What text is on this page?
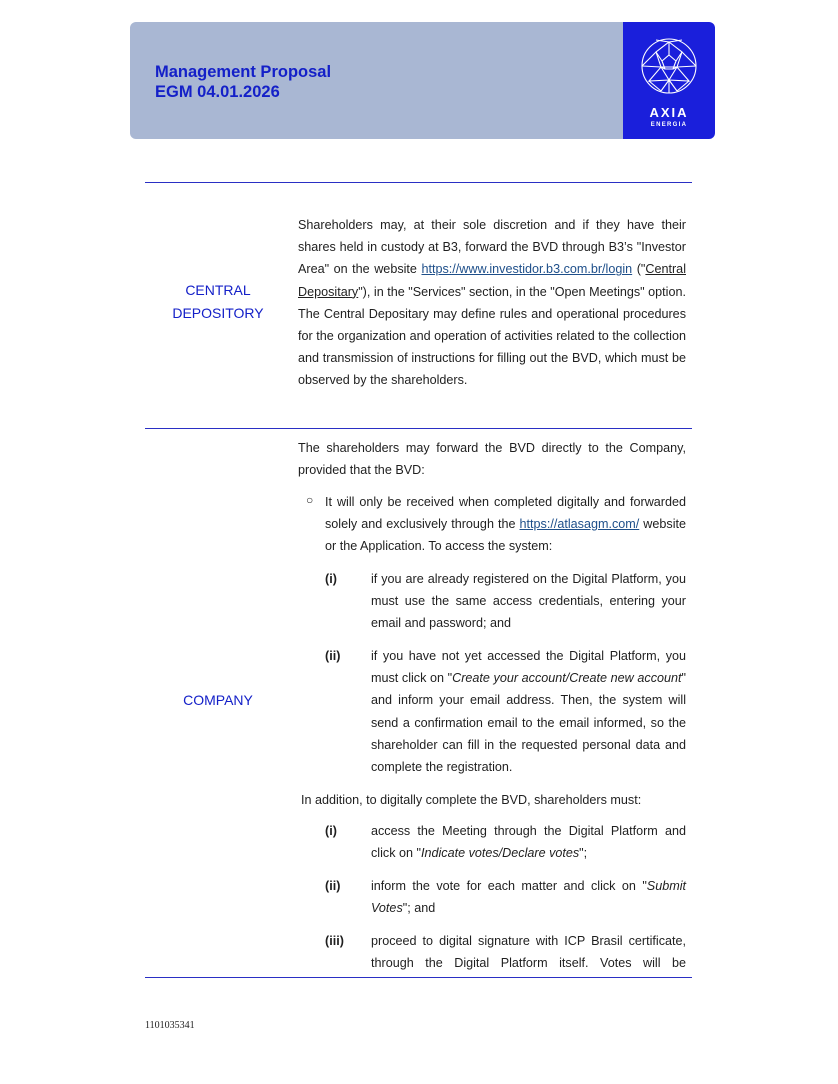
Management Proposal
EGM 04.01.2026
AXIA
ENERGIA
CENTRAL
DEPOSITORY
Shareholders may, at their sole discretion and if they have their shares held in custody at B3, forward the BVD through B3’s "Investor Area" on the website https://www.investidor.b3.com.br/login ("Central Depositary"), in the "Services" section, in the "Open Meetings" option. The Central Depositary may define rules and operational procedures for the organization and operation of activities related to the collection and transmission of instructions for filling out the BVD, which must be observed by the shareholders.
COMPANY
The shareholders may forward the BVD directly to the Company, provided that the BVD:
○ It will only be received when completed digitally and forwarded solely and exclusively through the https://atlasagm.com/ website or the Application. To access the system:
(i)	if you are already registered on the Digital Platform, you must use the same access credentials, entering your email and password; and
(ii) if you have not yet accessed the Digital Platform, you must click on "Create your account/Create new account" and inform your email address. Then, the system will send a confirmation email to the email informed, so the shareholder can fill in the requested personal data and complete the registration.
In addition, to digitally complete the BVD, shareholders must:
(i)	access the Meeting through the Digital Platform and click on "Indicate votes/Declare votes";
(ii) inform the vote for each matter and click on "Submit Votes"; and
(iii) proceed to digital signature with ICP Brasil certificate, through the Digital Platform itself. Votes will be
1101035341
